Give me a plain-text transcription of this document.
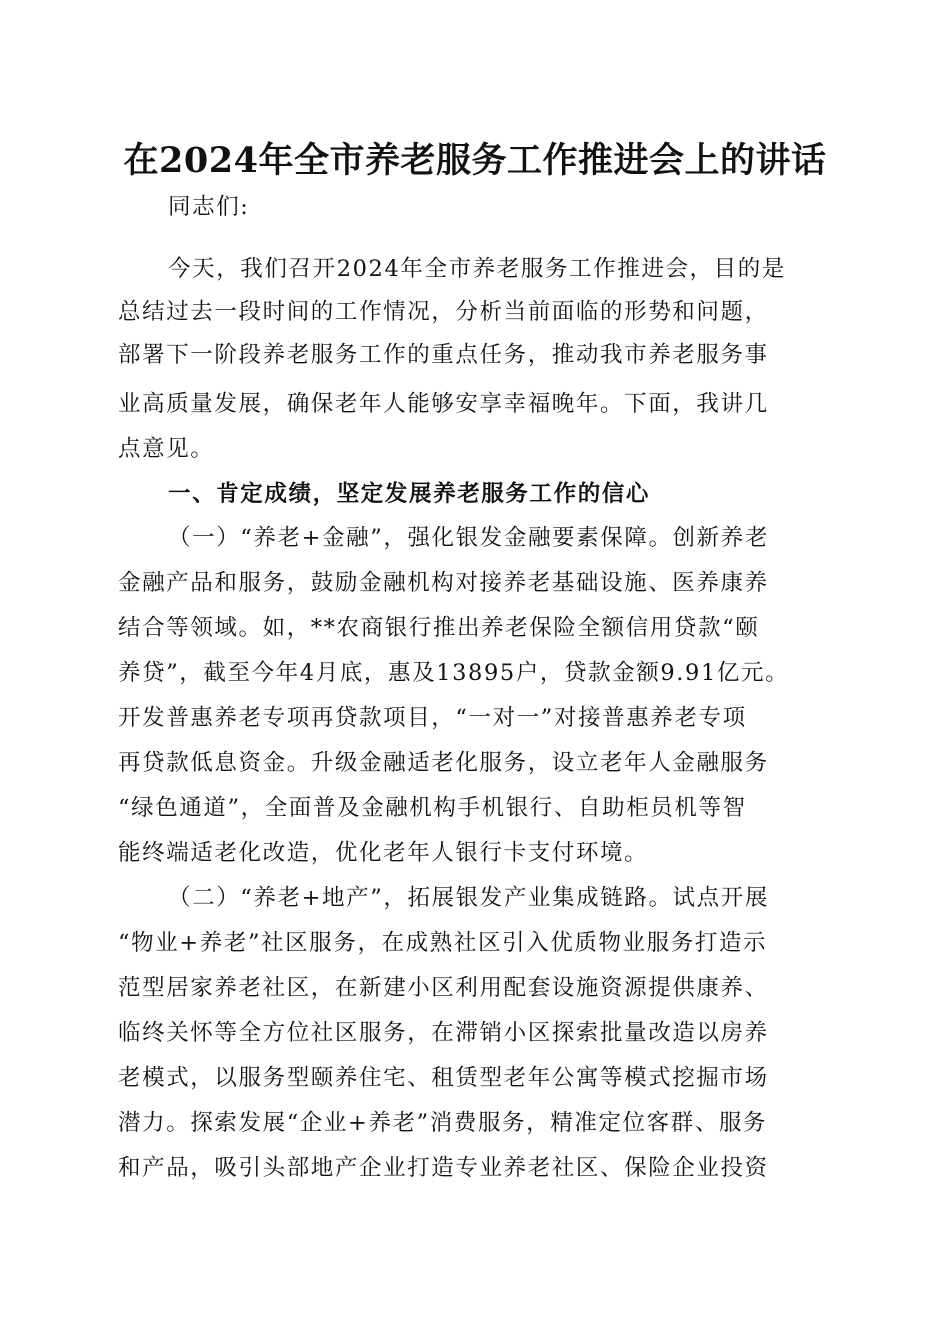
在2024年全市养老服务工作推进会上的讲话
同志们:
今天，我们召开2024年全市养老服务工作推进会，目的是
总结过去一段时间的工作情况，分析当前面临的形势和问题，
部署下一阶段养老服务工作的重点任务，推动我市养老服务事
业高质量发展，确保老年人能够安享幸福晚年。下面，我讲几
点意见。
一、肯定成绩，坚定发展养老服务工作的信心
（一）“养老+金融”，强化银发金融要素保障。创新养老
金融产品和服务，鼓励金融机构对接养老基础设施、医养康养
结合等领域。如，**农商银行推出养老保险全额信用贷款“颐
养贷”，截至今年4月底，惠及13895户，贷款金额9.91亿元。
开发普惠养老专项再贷款项目，“一对一”对接普惠养老专项
再贷款低息资金。升级金融适老化服务，设立老年人金融服务
“绿色通道”，全面普及金融机构手机银行、自助柜员机等智
能终端适老化改造，优化老年人银行卡支付环境。
（二）“养老+地产”，拓展银发产业集成链路。试点开展
“物业+养老”社区服务，在成熟社区引入优质物业服务打造示
范型居家养老社区，在新建小区利用配套设施资源提供康养、
临终关怀等全方位社区服务，在滞销小区探索批量改造以房养
老模式，以服务型颐养住宅、租赁型老年公寓等模式挖掘市场
潜力。探索发展“企业+养老”消费服务，精准定位客群、服务
和产品，吸引头部地产企业打造专业养老社区、保险企业投资
